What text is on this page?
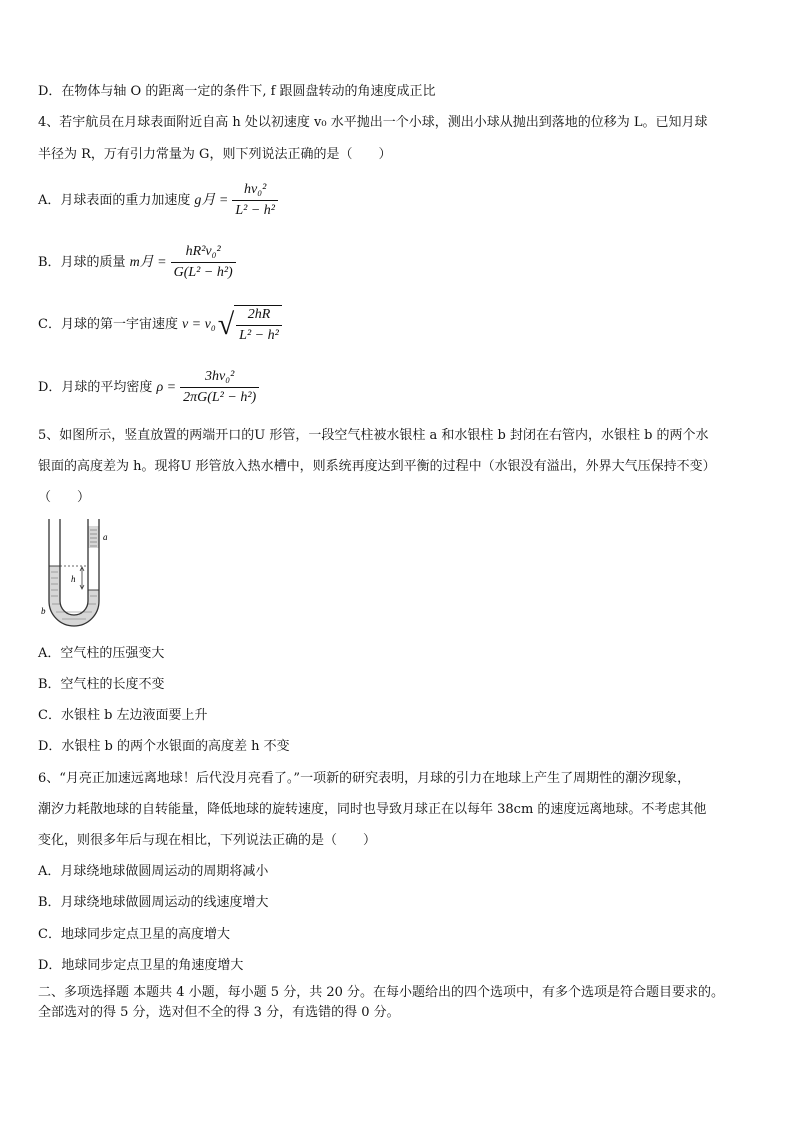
D．在物体与轴 O 的距离一定的条件下, f 跟圆盘转动的角速度成正比
4、若宇航员在月球表面附近自高 h 处以初速度 v₀ 水平抛出一个小球，测出小球从抛出到落地的位移为 L。已知月球
半径为 R，万有引力常量为 G，则下列说法正确的是（　　）
A．月球表面的重力加速度 g月 = $\frac{\text{hv₀²}}{\text{L² − h²}}$
B．月球的质量 m月 = $\frac{\text{hR²v₀²}}{\text{G(L² − h²)}}$
C．月球的第一宇宙速度 v = v₀ √ $\frac{2hR}{\text{L² − h²}}$
D．月球的平均密度 $\rho = \frac{\text{3hv₀²}}{\text{2πG(L² − h²)}}$
5、如图所示，竖直放置的两端开口的U 形管，一段空气柱被水银柱 a 和水银柱 b 封闭在右管内，水银柱 b 的两个水
银面的高度差为 h。现将U 形管放入热水槽中，则系统再度达到平衡的过程中（水银没有溢出，外界大气压保持不变）
（　　）
h
a
b
A．空气柱的压强变大
B．空气柱的长度不变
C．水银柱 b 左边液面要上升
D．水银柱 b 的两个水银面的高度差 h 不变
6、“月亮正加速远离地球！后代没月亮看了。”一项新的研究表明，月球的引力在地球上产生了周期性的潮汐现象，
潮汐力耗散地球的自转能量，降低地球的旋转速度，同时也导致月球正在以每年 38cm 的速度远离地球。不考虑其他
变化，则很多年后与现在相比，下列说法正确的是（　　）
A．月球绕地球做圆周运动的周期将减小
B．月球绕地球做圆周运动的线速度增大
C．地球同步定点卫星的高度增大
D．地球同步定点卫星的角速度增大
二、多项选择题 本题共 4 小题，每小题 5 分，共 20 分。在每小题给出的四个选项中，有多个选项是符合题目要求的。
全部选对的得 5 分，选对但不全的得 3 分，有选错的得 0 分。
